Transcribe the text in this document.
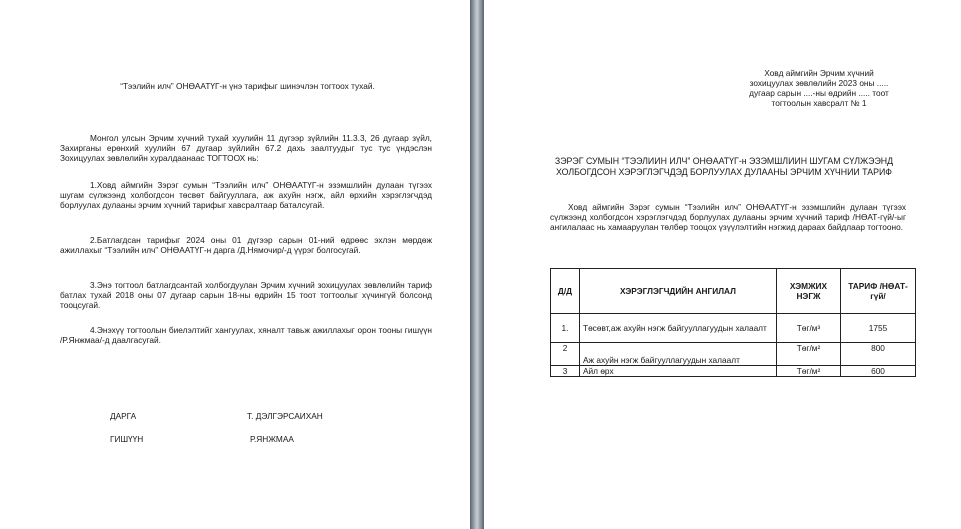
“Тээлийн илч” ОНӨААТҮГ-н үнэ тарифыг шинэчлэн тогтоох тухай.

Монгол улсын Эрчим хүчний тухай хуулийн 11 дүгээр зүйлийн 11.3.3, 26 дугаар зүйл, Захирганы ерөнхий хуулийн 67 дугаар зүйлийн 67.2 дахь заалтуудыг тус тус үндэслэн Зохицуулах зөвлөлийн хуралдаанаас ТОГТООХ нь:

1.Ховд аймгийн Зэрэг сумын “Тээлийн илч” ОНӨААТҮГ-н эзэмшлийн дулаан түгээх шугам сүлжээнд холбогдсон төсвөт байгууллага, аж ахуйн нэгж, айл өрхийн хэрэглэгчдэд борлуулах дулааны эрчим хүчний тарифыг хавсралтаар баталсугай.

2.Батлагдсан тарифыг 2024 оны 01 дүгээр сарын 01-ний өдрөөс эхлэн мөрдөж ажиллахыг “Тээлийн илч” ОНӨААТҮГ-н дарга /Д.Нямочир/-д үүрэг болгосугай.

3.Энэ тогтоол батлагдсантай холбогдуулан Эрчим хүчний зохицуулах зөвлөлийн тариф батлах тухай 2018 оны 07 дугаар сарын 18-ны өдрийн 15 тоот тогтоолыг хүчингүй болсонд тооцсугай.

4.Энэхүү тогтоолын биелэлтийг хангуулах, хяналт тавьж ажиллахыг орон тооны гишүүн /Р.Янжмаа/-д даалгасугай.

ДАРГА	Т. ДЭЛГЭРСАИХАН
ГИШҮҮН	Р.ЯНЖМАА

Ховд аймгийн Эрчим хүчний

зохицуулах зөвлөлийн 2023 оны .....

дугаар сарын ....-ны өдрийн ..... тоот

тогтоолын хавсралт № 1

ЗЭРЭГ СУМЫН “ТЭЭЛИИН ИЛЧ” ОНӨААТҮГ-н ЭЗЭМШЛИИН ШУГАМ СҮЛЖЭЭНД ХОЛБОГДСОН ХЭРЭГЛЭГЧДЭД БОРЛУУЛАХ ДУЛААНЫ ЭРЧИМ ХҮЧНИИ ТАРИФ

Ховд аймгийн Зэрэг сумын “Тээлийн илч” ОНӨААТҮГ-н эзэмшлийн дулаан түгээх сүлжээнд холбогдсон хэрэглэгчдэд борлуулах дулааны эрчим хүчний тариф /НӨАТ-гүй/-ыг ангилалаас нь хамааруулан төлбөр тооцох үзүүлэлтийн нэгжид дараах байдлаар тогтооно.

Д/Д	ХЭРЭГЛЭГЧДИЙН АНГИЛАЛ	ХЭМЖИХ НЭГЖ	ТАРИФ /НӨАТ-гүй/
1.	Төсөвт,аж ахуйн нэгж байгууллагуудын халаалт	Төг/м³	1755
2	Аж ахуйн нэгж байгууллагуудын халаалт	Төг/м²	800
3	Айл өрх	Төг/м²	600
